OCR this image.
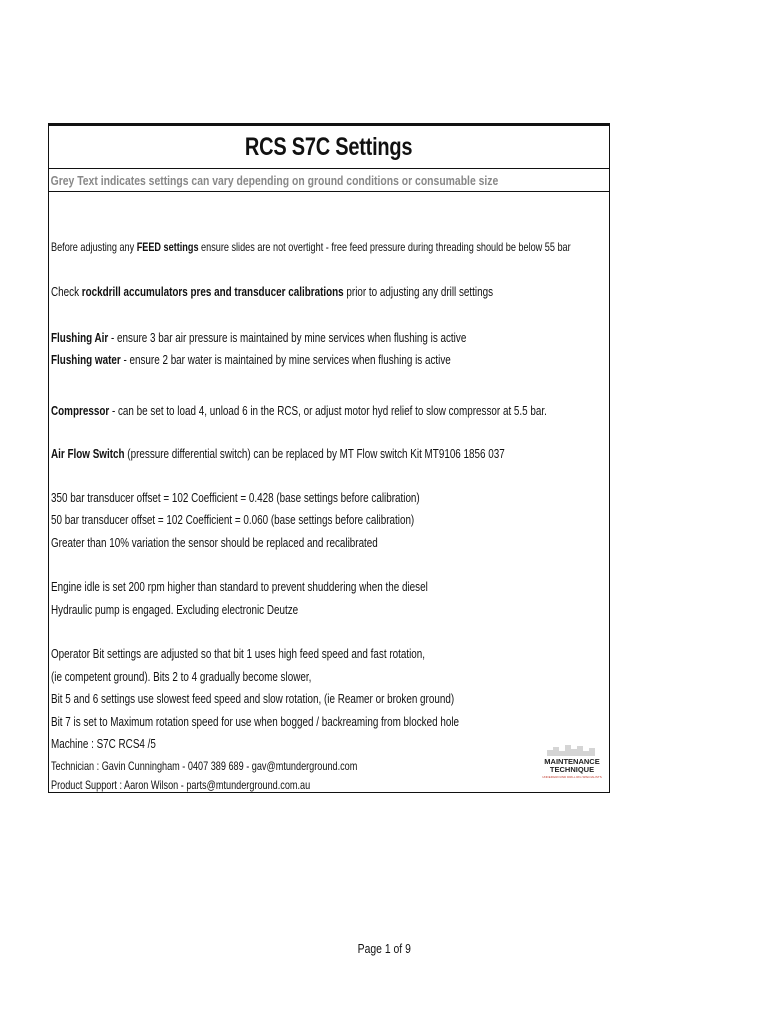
RCS S7C Settings
Grey Text indicates settings can vary depending on ground conditions or consumable size
Before adjusting any FEED settings ensure slides are not overtight - free feed pressure during threading should be below 55 bar
Check rockdrill accumulators pres and transducer calibrations prior to adjusting any drill settings
Flushing Air - ensure 3 bar air pressure is maintained by mine services when flushing is active
Flushing water - ensure 2 bar water is maintained by mine services when flushing is active
Compressor - can be set to load 4, unload 6 in the RCS, or adjust motor hyd relief to slow compressor at 5.5 bar.
Air Flow Switch (pressure differential switch) can be replaced by MT Flow switch Kit MT9106 1856 037
350 bar transducer offset = 102 Coefficient = 0.428 (base settings before calibration)
50 bar transducer offset = 102 Coefficient = 0.060 (base settings before calibration)
Greater than 10% variation the sensor should be replaced and recalibrated
Engine idle is set 200 rpm higher than standard to prevent shuddering when the diesel
Hydraulic pump is engaged. Excluding electronic Deutze
Operator Bit settings are adjusted so that bit 1 uses high feed speed and fast rotation,
(ie competent ground). Bits 2 to 4 gradually become slower,
Bit 5 and 6 settings use slowest feed speed and slow rotation, (ie Reamer or broken ground)
Bit 7 is set to Maximum rotation speed for use when bogged / backreaming from blocked hole
Machine : S7C RCS4 /5
Technician : Gavin Cunningham - 0407 389 689 - gav@mtunderground.com
Product Support : Aaron Wilson - parts@mtunderground.com.au
MAINTENANCE
TECHNIQUE
UNDERGROUND DRILL RIG SPECIALISTS
Page 1 of 9
